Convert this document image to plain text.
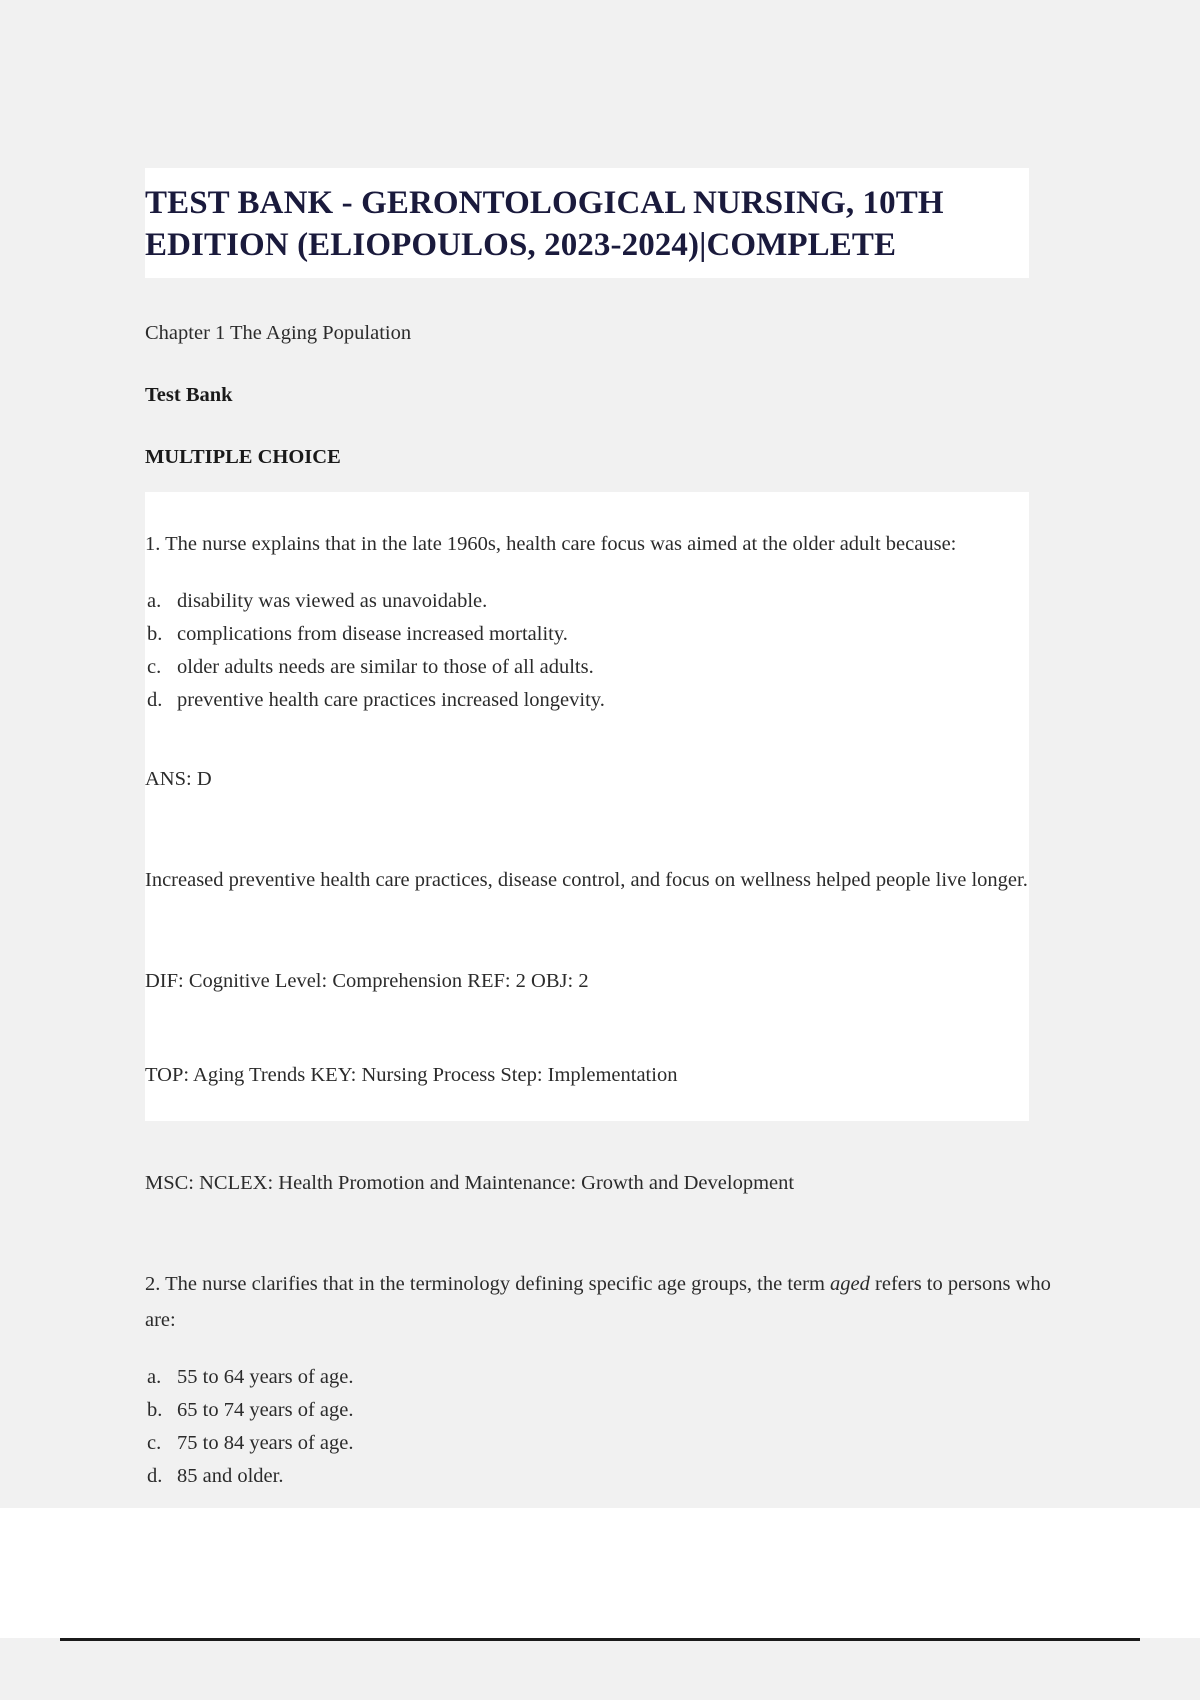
TEST BANK - GERONTOLOGICAL NURSING, 10TH EDITION (ELIOPOULOS, 2023-2024)|COMPLETE

Chapter 1 The Aging Population

Test Bank

MULTIPLE CHOICE

1. The nurse explains that in the late 1960s, health care focus was aimed at the older adult because:

a. disability was viewed as unavoidable.
b. complications from disease increased mortality.
c. older adults needs are similar to those of all adults.
d. preventive health care practices increased longevity.

ANS: D

Increased preventive health care practices, disease control, and focus on wellness helped people live longer.

DIF: Cognitive Level: Comprehension REF: 2 OBJ: 2

TOP: Aging Trends KEY: Nursing Process Step: Implementation

MSC: NCLEX: Health Promotion and Maintenance: Growth and Development

2. The nurse clarifies that in the terminology defining specific age groups, the term aged refers to persons who are:

a. 55 to 64 years of age.
b. 65 to 74 years of age.
c. 75 to 84 years of age.
d. 85 and older.
